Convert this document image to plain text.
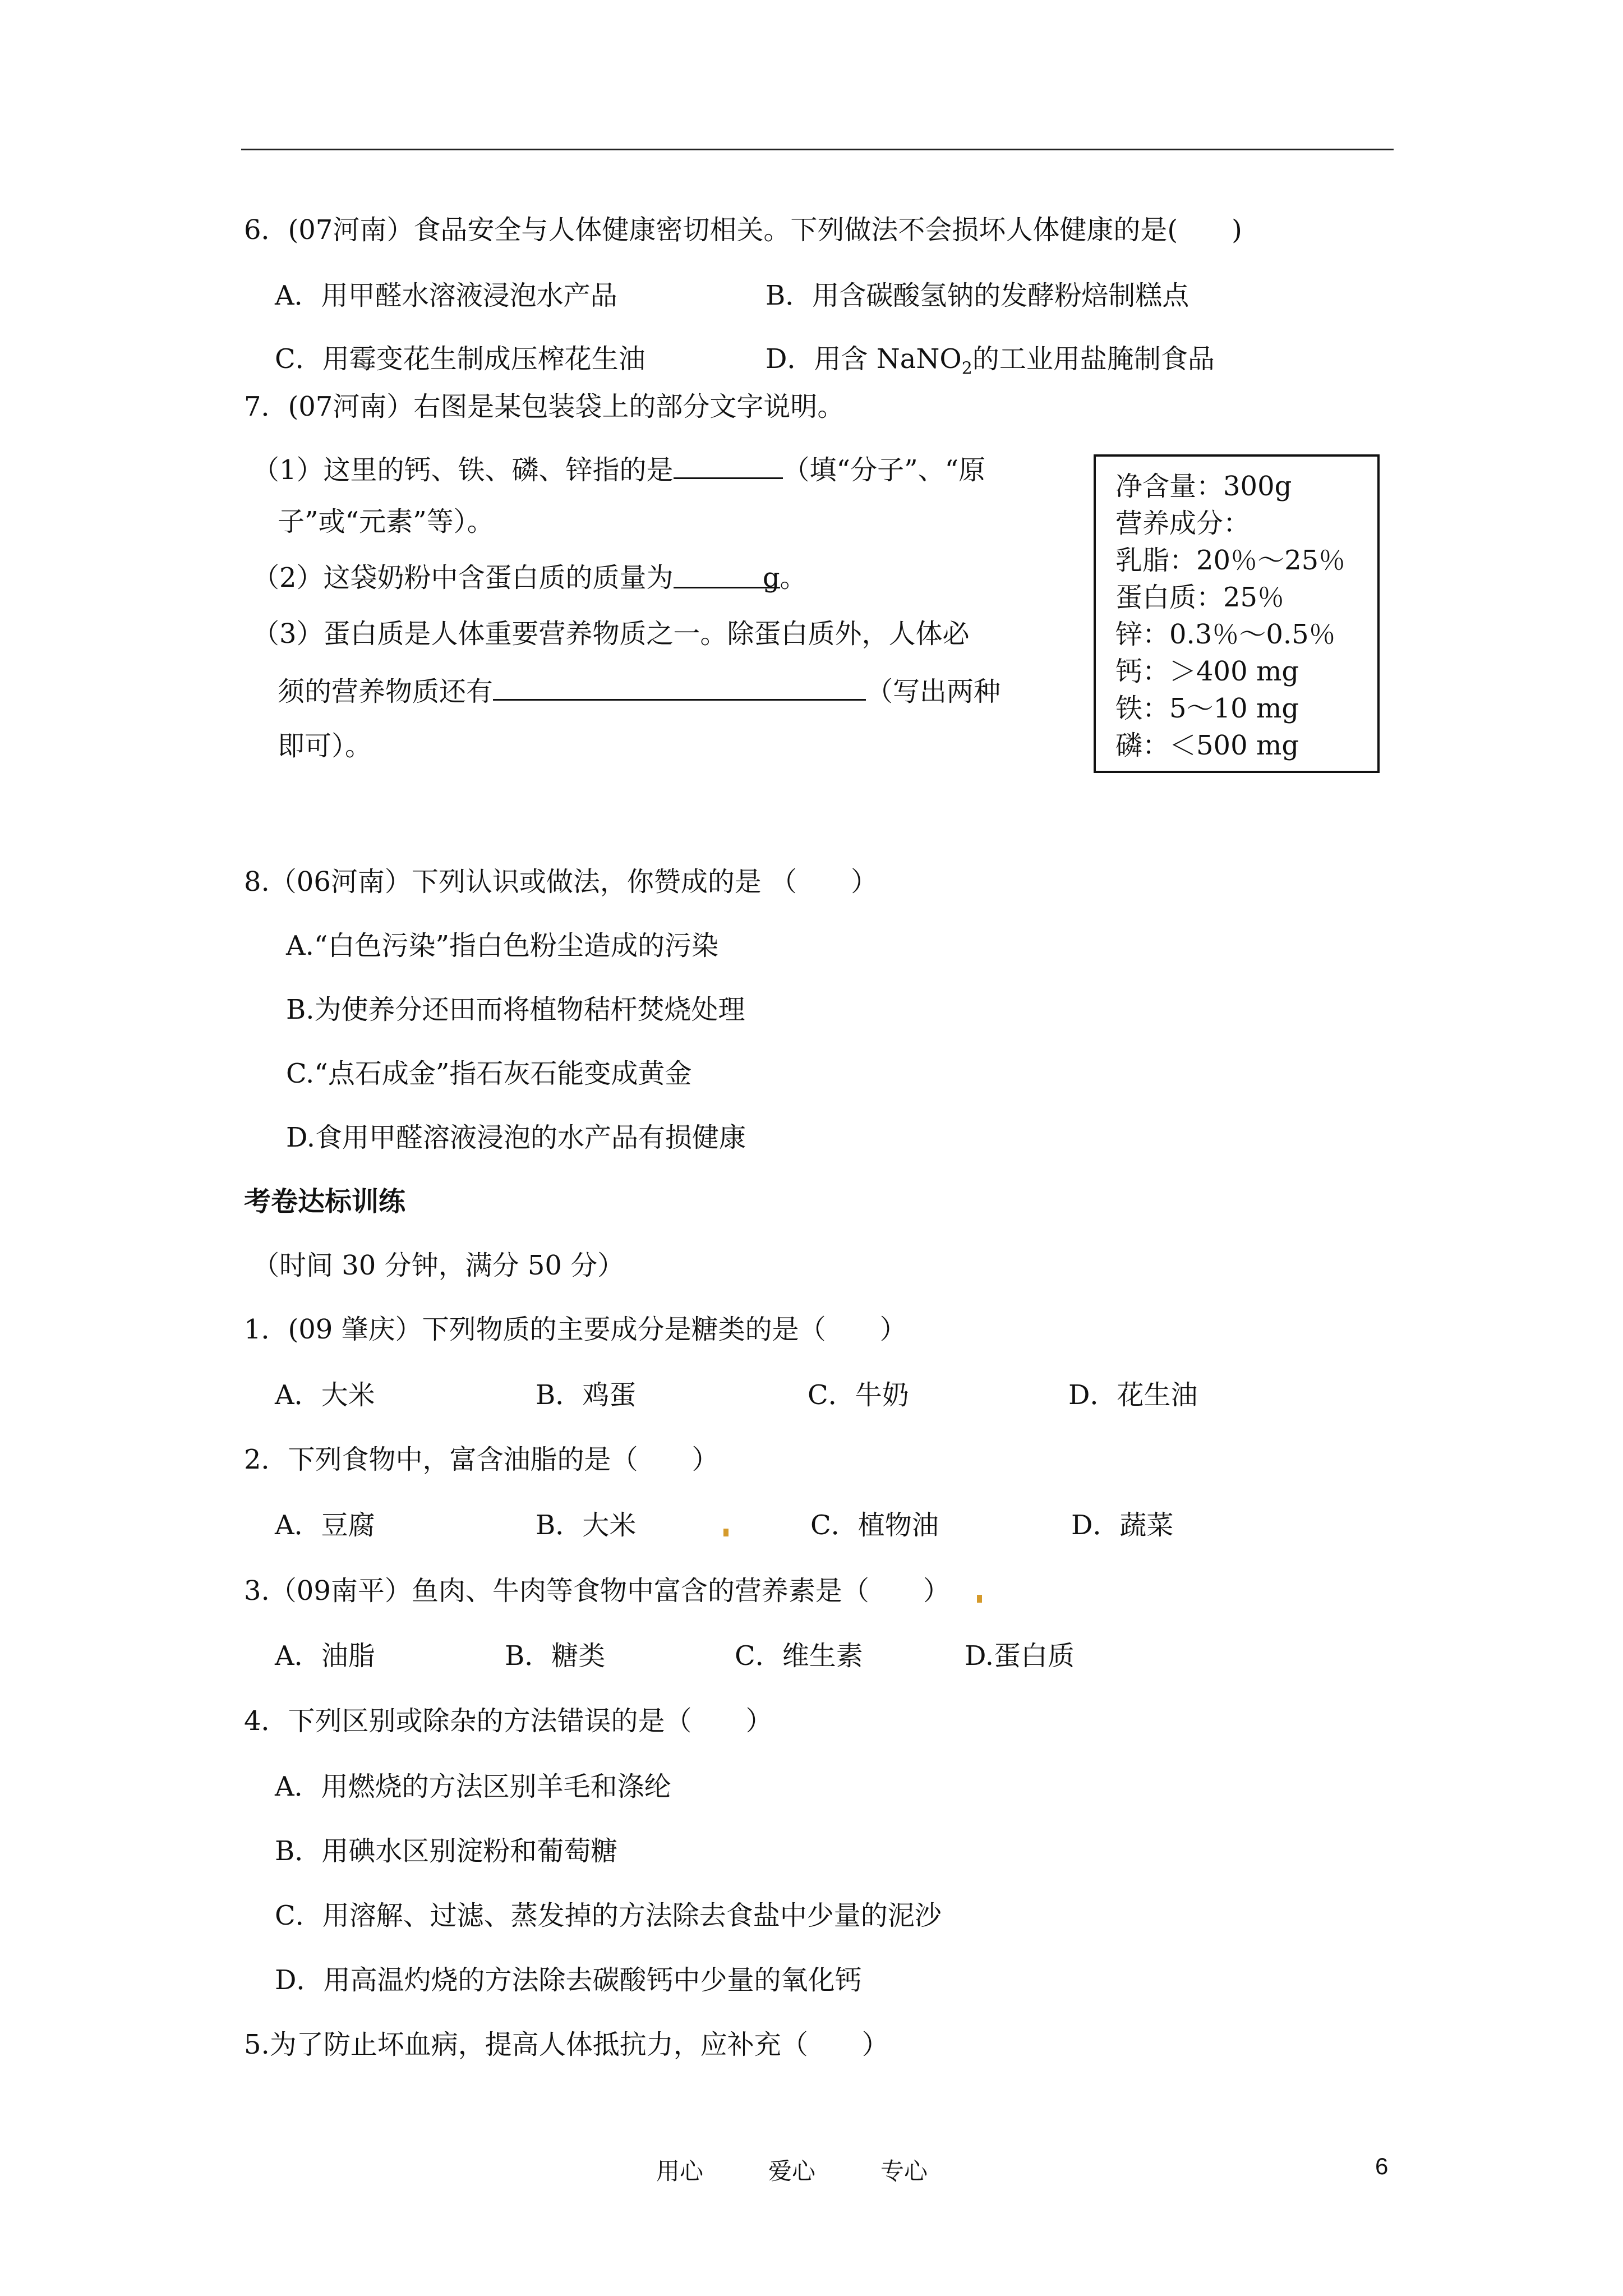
6．(07河南）食品安全与人体健康密切相关。下列做法不会损坏人体健康的是(　　)
A．用甲醛水溶液浸泡水产品	B．用含碳酸氢钠的发酵粉焙制糕点
C．用霉变花生制成压榨花生油	D．用含 NaNO$_2$的工业用盐腌制食品
7．(07河南）右图是某包装袋上的部分文字说明。
（1）这里的钙、铁、磷、锌指的是	（填“分子”、“原
子”或“元素”等）。
（2）这袋奶粉中含蛋白质的质量为	g。
（3）蛋白质是人体重要营养物质之一。除蛋白质外，人体必
须的营养物质还有	（写出两种
即可）。
净含量：300g
营养成分：
乳脂：20％～25％
蛋白质：25％
锌：0.3％～0.5％
钙：＞400 mg
铁：5～10 mg
磷：＜500 mg
8.（06河南）下列认识或做法，你赞成的是 （　　）
A.“白色污染”指白色粉尘造成的污染
B.为使养分还田而将植物秸杆焚烧处理
C.“点石成金”指石灰石能变成黄金
D.食用甲醛溶液浸泡的水产品有损健康
考卷达标训练
（时间 30 分钟，满分 50 分）
1．(09 肇庆）下列物质的主要成分是糖类的是（　　）
A．大米	B．鸡蛋	C．牛奶	D．花生油
2．下列食物中，富含油脂的是（　　）
A．豆腐	B．大米	C．植物油	D．蔬菜
3.（09南平）鱼肉、牛肉等食物中富含的营养素是（　　）
A．油脂	B．糖类	C．维生素	D.蛋白质
4．下列区别或除杂的方法错误的是（　　）
A．用燃烧的方法区别羊毛和涤纶
B．用碘水区别淀粉和葡萄糖
C．用溶解、过滤、蒸发掉的方法除去食盐中少量的泥沙
D．用高温灼烧的方法除去碳酸钙中少量的氧化钙
5.为了防止坏血病，提高人体抵抗力，应补充（　　）
用心	爱心	专心	6
